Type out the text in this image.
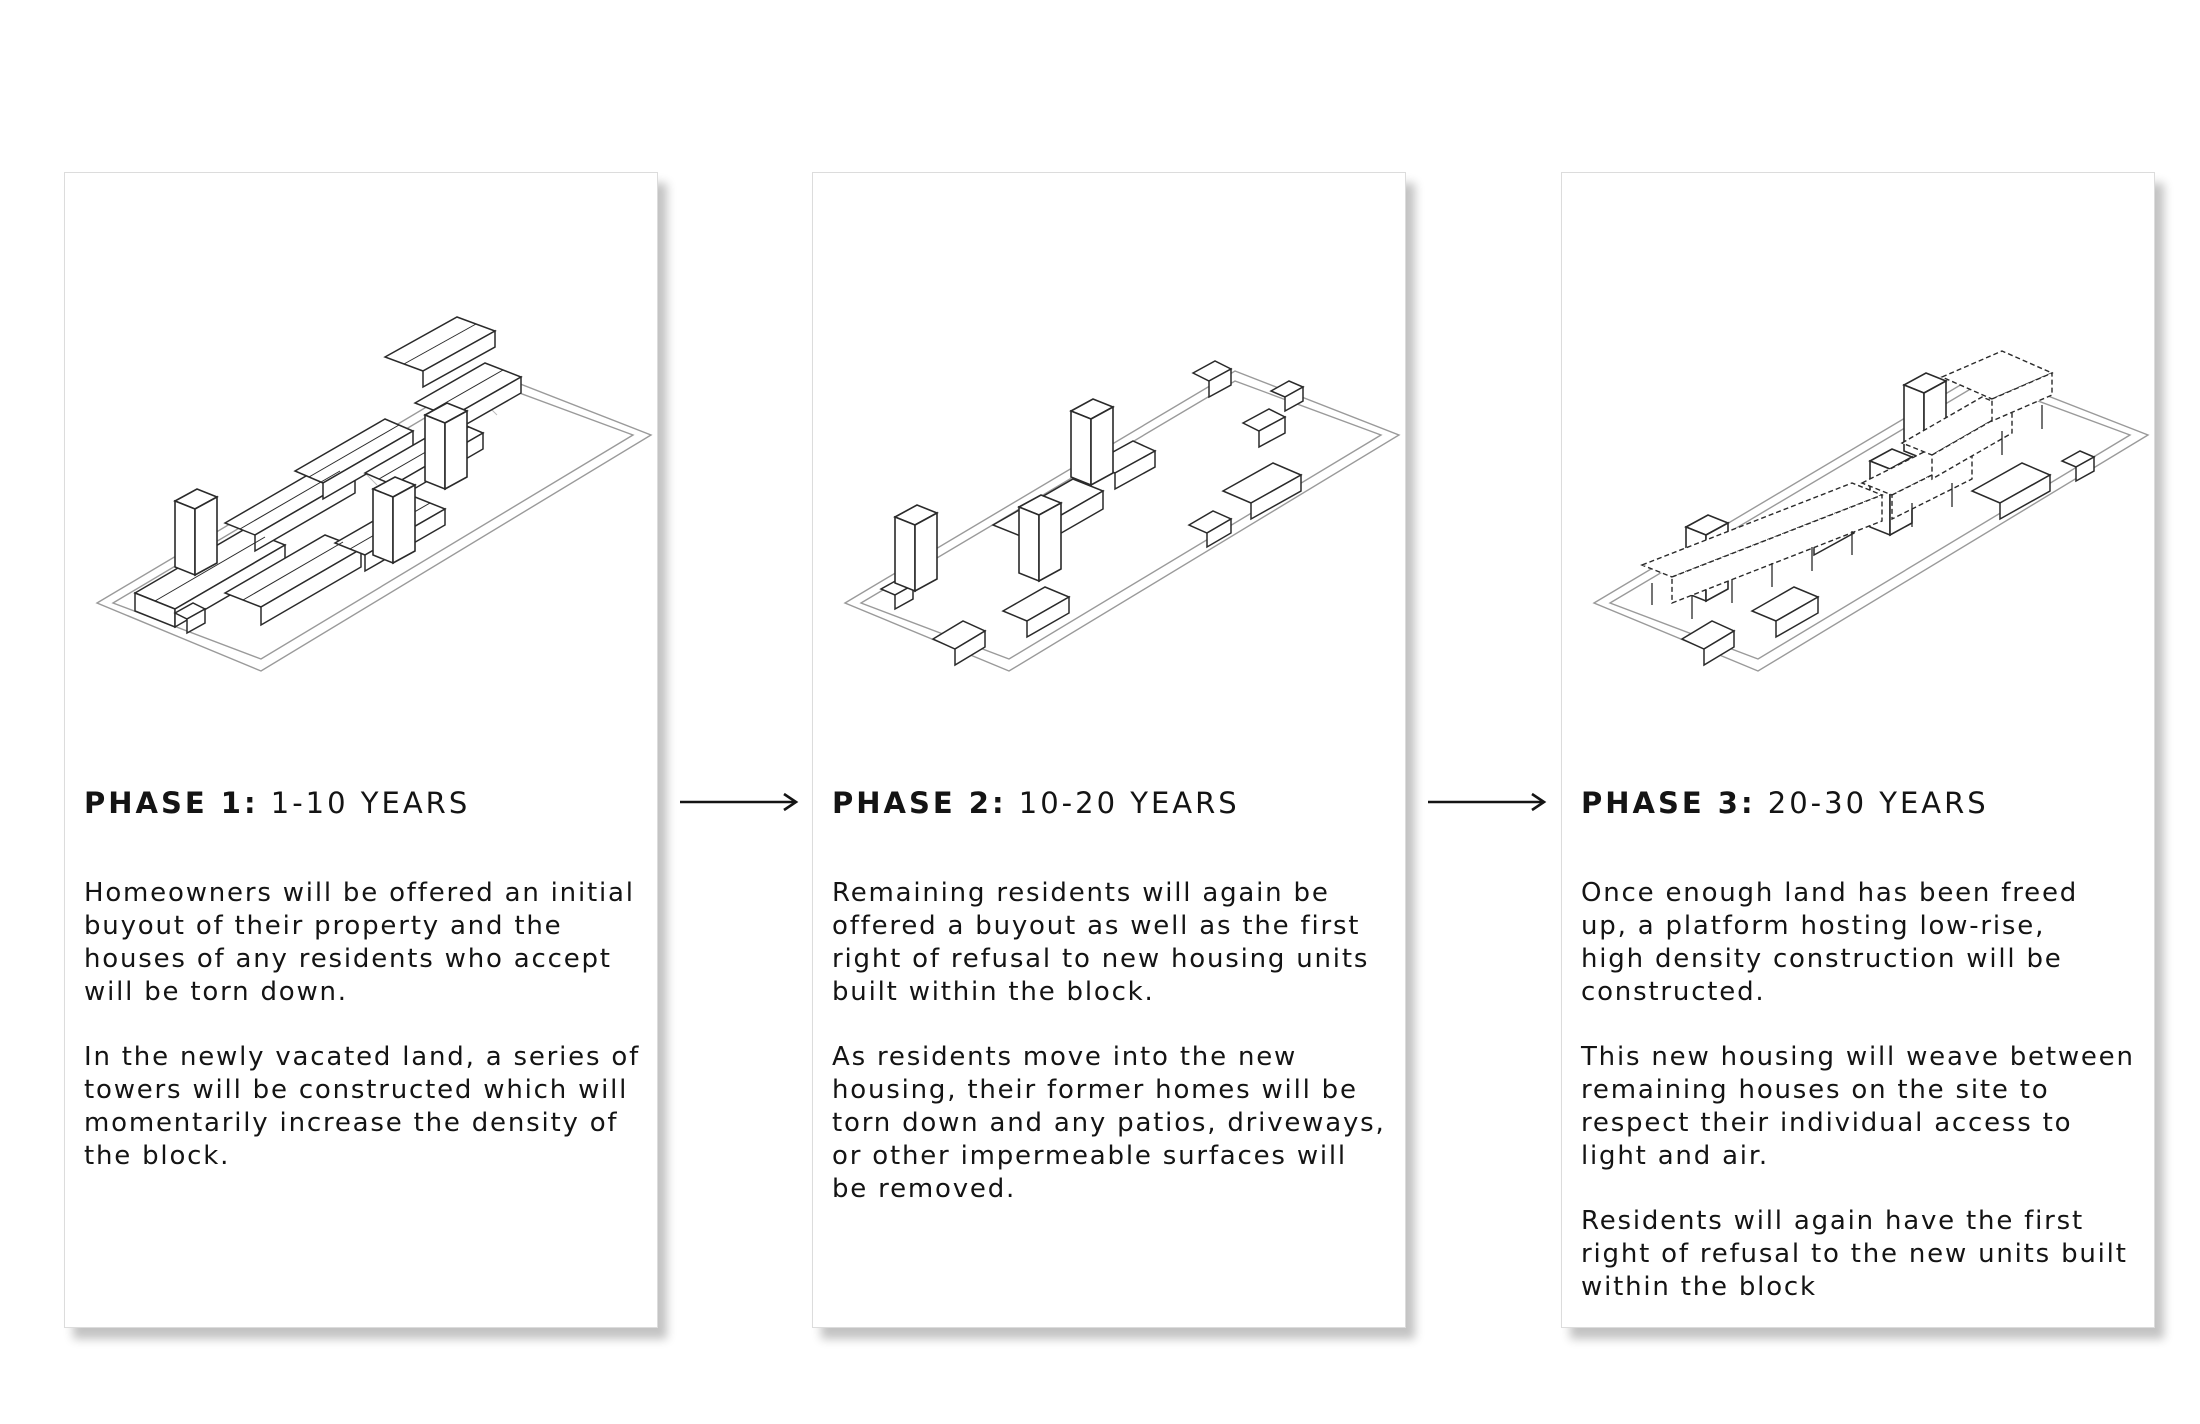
PHASE 1: 1-10 YEARS

Homeowners will be offered an initial
buyout of their property and the
houses of any residents who accept
will be torn down.

In the newly vacated land, a series of
towers will be constructed which will
momentarily increase the density of
the block.

PHASE 2: 10-20 YEARS

Remaining residents will again be
offered a buyout as well as the first
right of refusal to new housing units
built within the block.

As residents move into the new
housing, their former homes will be
torn down and any patios, driveways,
or other impermeable surfaces will
be removed.

PHASE 3: 20-30 YEARS

Once enough land has been freed
up, a platform hosting low-rise,
high density construction will be
constructed.

This new housing will weave between
remaining houses on the site to
respect their individual access to
light and air.

Residents will again have the first
right of refusal to the new units built
within the block
